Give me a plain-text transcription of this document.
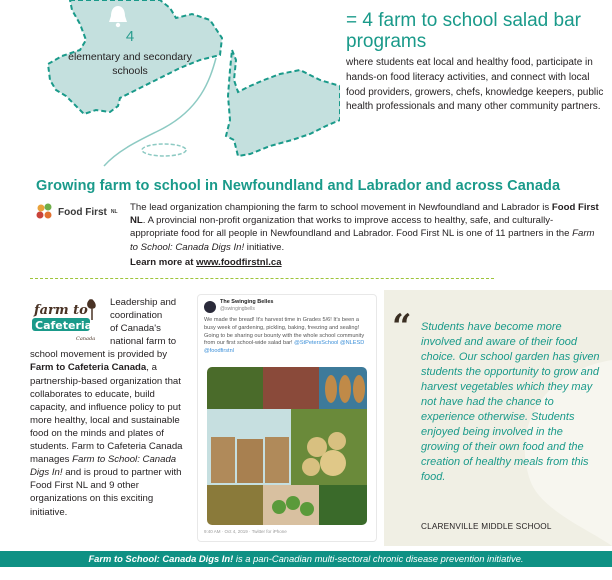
4
elementary and secondary schools
= 4 farm to school salad bar programs
where students eat local and healthy food, participate in hands-on food literacy activities, and connect with local food providers, growers, chefs, knowledge keepers, public health professionals and many other community partners.
Growing farm to school in Newfoundland and Labrador and across Canada
Food First NL The lead organization championing the farm to school movement in Newfoundland and Labrador is Food First NL. A provincial non-profit organization that works to improve access to healthy, safe, and culturally-appropriate food for all people in Newfoundland and Labrador. Food First NL is one of 11 partners in the Farm to School: Canada Digs In! initiative.
Learn more at www.foodfirstnl.ca
farm to
Cafeteria
Canada
Leadership and
coordination
of Canada's
national farm to
school movement is provided by Farm to Cafeteria Canada, a partnership-based organization that collaborates to educate, build capacity, and influence policy to put more healthy, local and sustainable food on the minds and plates of students. Farm to Cafeteria Canada manages Farm to School: Canada Digs In! and is proud to partner with Food First NL and 9 other organizations on this exciting initiative.
The Swinging Belles
@swingingbells
We made the bread! It's harvest time in Grades 5/6! It's been a busy week of gardening, pickling, baking, freezing and sealing! Going to be sharing our bounty with the whole school community from our first school-wide salad bar! @StPetersSchool @NLESD @foodfirstnl
9:40 AM · Oct 4, 2019 · Twitter for iPhone
“ Students have become more involved and aware of their food choice. Our school garden has given students the opportunity to grow and harvest vegetables which they may not have had the chance to experience otherwise. Students enjoyed being involved in the growing of their own food and the creation of healthy meals from this food.
CLARENVILLE MIDDLE SCHOOL
Farm to School: Canada Digs In! is a pan-Canadian multi-sectoral chronic disease prevention initiative.
